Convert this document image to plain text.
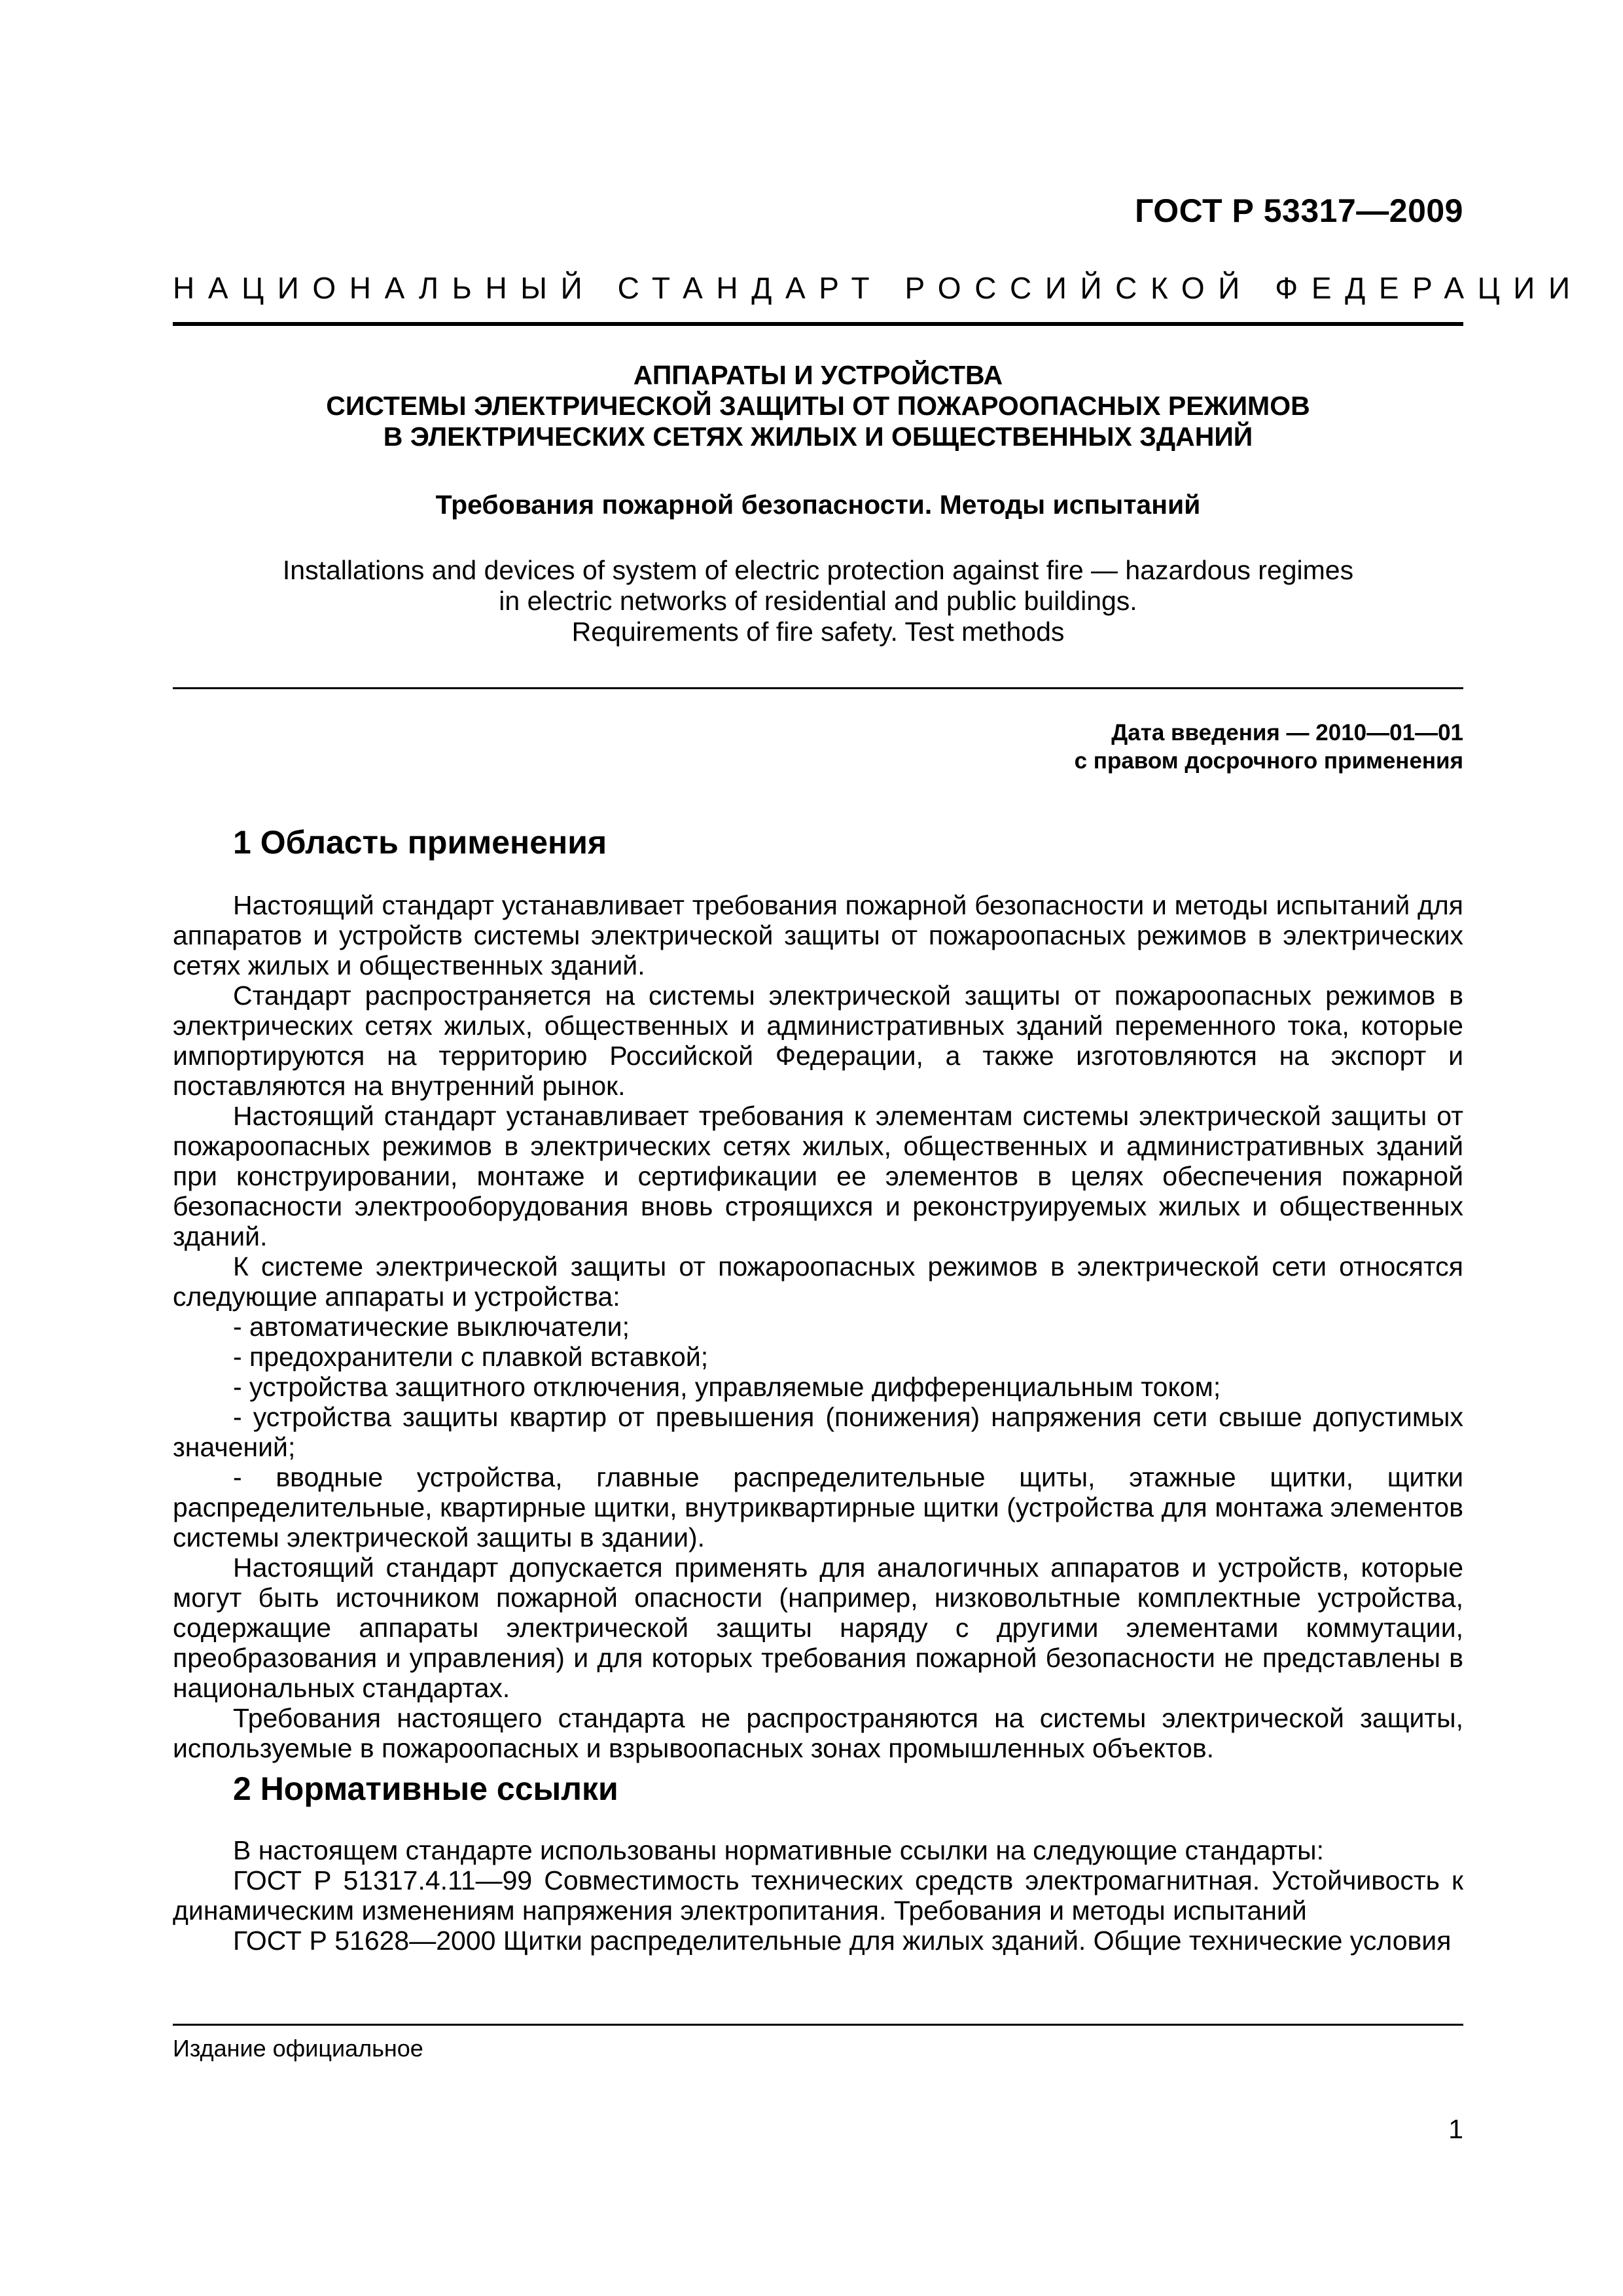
ГОСТ Р 53317—2009
НАЦИОНАЛЬНЫЙ СТАНДАРТ РОССИЙСКОЙ ФЕДЕРАЦИИ
АППАРАТЫ И УСТРОЙСТВА
СИСТЕМЫ ЭЛЕКТРИЧЕСКОЙ ЗАЩИТЫ ОТ ПОЖАРООПАСНЫХ РЕЖИМОВ
В ЭЛЕКТРИЧЕСКИХ СЕТЯХ ЖИЛЫХ И ОБЩЕСТВЕННЫХ ЗДАНИЙ
Требования пожарной безопасности. Методы испытаний
Installations and devices of system of electric protection against fire — hazardous regimes
in electric networks of residential and public buildings.
Requirements of fire safety. Test methods
Дата введения — 2010—01—01
с правом досрочного применения
1 Область применения

Настоящий стандарт устанавливает требования пожарной безопасности и методы испытаний для аппаратов и устройств системы электрической защиты от пожароопасных режимов в электрических сетях жилых и общественных зданий.

Стандарт распространяется на системы электрической защиты от пожароопасных режимов в электрических сетях жилых, общественных и административных зданий переменного тока, которые импортируются на территорию Российской Федерации, а также изготовляются на экспорт и поставляются на внутренний рынок.

Настоящий стандарт устанавливает требования к элементам системы электрической защиты от пожароопасных режимов в электрических сетях жилых, общественных и административных зданий при конструировании, монтаже и сертификации ее элементов в целях обеспечения пожарной безопасности электрооборудования вновь строящихся и реконструируемых жилых и общественных зданий.

К системе электрической защиты от пожароопасных режимов в электрической сети относятся следующие аппараты и устройства:

- автоматические выключатели;

- предохранители с плавкой вставкой;

- устройства защитного отключения, управляемые дифференциальным током;

- устройства защиты квартир от превышения (понижения) напряжения сети свыше допустимых значений;

- вводные устройства, главные распределительные щиты, этажные щитки, щитки распределительные, квартирные щитки, внутриквартирные щитки (устройства для монтажа элементов системы электрической защиты в здании).

Настоящий стандарт допускается применять для аналогичных аппаратов и устройств, которые могут быть источником пожарной опасности (например, низковольтные комплектные устройства, содержащие аппараты электрической защиты наряду с другими элементами коммутации, преобразования и управления) и для которых требования пожарной безопасности не представлены в национальных стандартах.

Требования настоящего стандарта не распространяются на системы электрической защиты, используемые в пожароопасных и взрывоопасных зонах промышленных объектов.

2 Нормативные ссылки

В настоящем стандарте использованы нормативные ссылки на следующие стандарты:

ГОСТ Р 51317.4.11—99 Совместимость технических средств электромагнитная. Устойчивость к динамическим изменениям напряжения электропитания. Требования и методы испытаний

ГОСТ Р 51628—2000 Щитки распределительные для жилых зданий. Общие технические условия

Издание официальное
1
